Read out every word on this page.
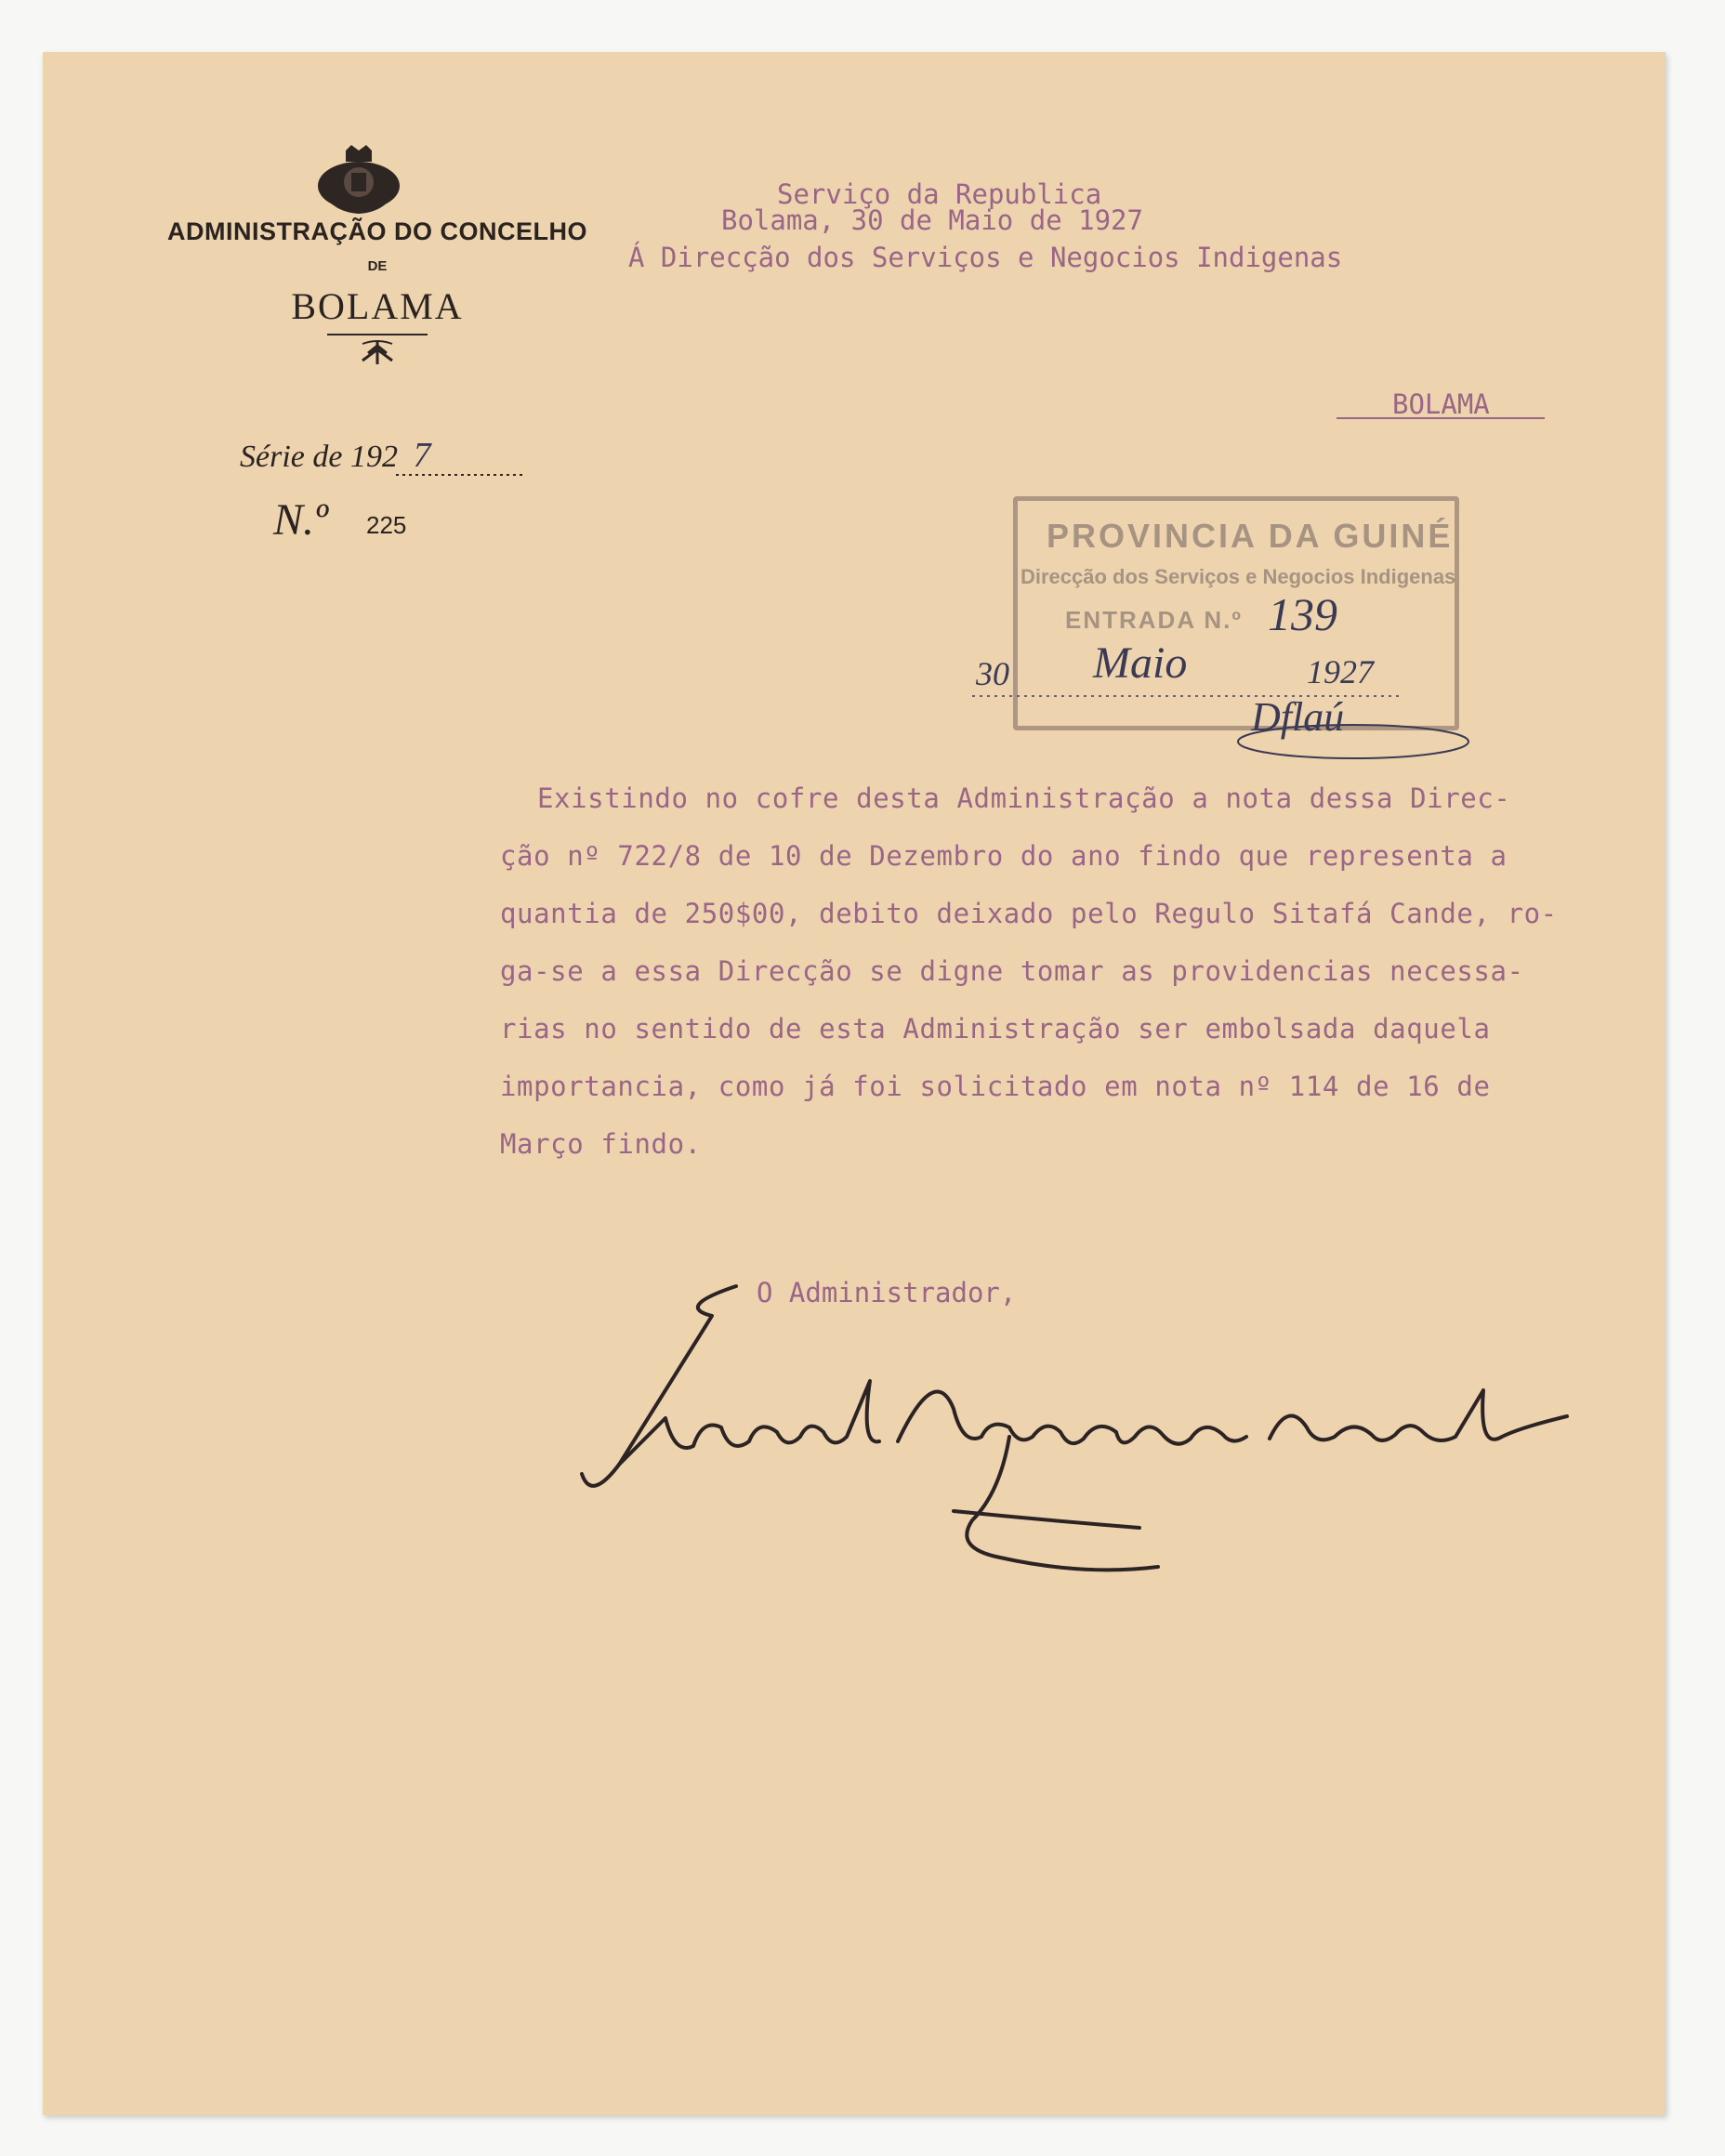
ADMINISTRAÇÃO DO CONCELHO
DE
BOLAMA
Série de 192 7
N.º 225
Serviço da Republica
Bolama, 30 de Maio de 1927
Á Direcção dos Serviços e Negocios Indigenas
BOLAMA
PROVINCIA DA GUINÉ
Direcção dos Serviços e Negocios Indigenas
ENTRADA N.º 139
30 Maio	1927
Dflaú
Existindo no cofre desta Administração a nota dessa Direc-
ção nº 722/8 de 10 de Dezembro do ano findo que representa a
quantia de 250$00, debito deixado pelo Regulo Sitafá Cande, ro-
ga-se a essa Direcção se digne tomar as providencias necessa-
rias no sentido de esta Administração ser embolsada daquela
importancia, como já foi solicitado em nota nº 114 de 16 de
Março findo.
O Administrador,
